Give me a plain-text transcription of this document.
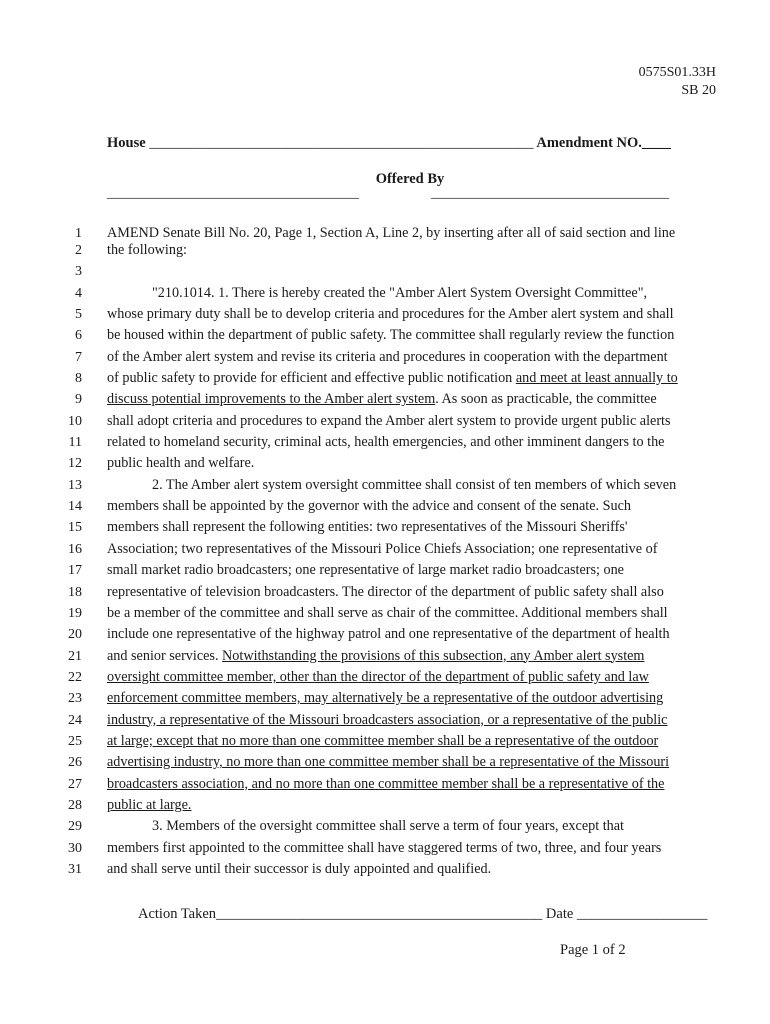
0575S01.33H
SB 20
House _____________________________________________________ Amendment NO.____
Offered By
____________________________________	__________________________________
1 AMEND Senate Bill No. 20, Page 1, Section A, Line 2, by inserting after all of said section and line
2 the following:
3
4	"210.1014. 1. There is hereby created the "Amber Alert System Oversight Committee",
5 whose primary duty shall be to develop criteria and procedures for the Amber alert system and shall
6 be housed within the department of public safety. The committee shall regularly review the function
7 of the Amber alert system and revise its criteria and procedures in cooperation with the department
8 of public safety to provide for efficient and effective public notification and meet at least annually to
9 discuss potential improvements to the Amber alert system. As soon as practicable, the committee
10 shall adopt criteria and procedures to expand the Amber alert system to provide urgent public alerts
11 related to homeland security, criminal acts, health emergencies, and other imminent dangers to the
12 public health and welfare.
13	2. The Amber alert system oversight committee shall consist of ten members of which seven
14 members shall be appointed by the governor with the advice and consent of the senate. Such
15 members shall represent the following entities: two representatives of the Missouri Sheriffs'
16 Association; two representatives of the Missouri Police Chiefs Association; one representative of
17 small market radio broadcasters; one representative of large market radio broadcasters; one
18 representative of television broadcasters. The director of the department of public safety shall also
19 be a member of the committee and shall serve as chair of the committee. Additional members shall
20 include one representative of the highway patrol and one representative of the department of health
21 and senior services. Notwithstanding the provisions of this subsection, any Amber alert system
22 oversight committee member, other than the director of the department of public safety and law
23 enforcement committee members, may alternatively be a representative of the outdoor advertising
24 industry, a representative of the Missouri broadcasters association, or a representative of the public
25 at large; except that no more than one committee member shall be a representative of the outdoor
26 advertising industry, no more than one committee member shall be a representative of the Missouri
27 broadcasters association, and no more than one committee member shall be a representative of the
28 public at large.
29	3. Members of the oversight committee shall serve a term of four years, except that
30 members first appointed to the committee shall have staggered terms of two, three, and four years
31 and shall serve until their successor is duly appointed and qualified.
Action Taken_____________________________________________ Date __________________
Page 1 of 2
